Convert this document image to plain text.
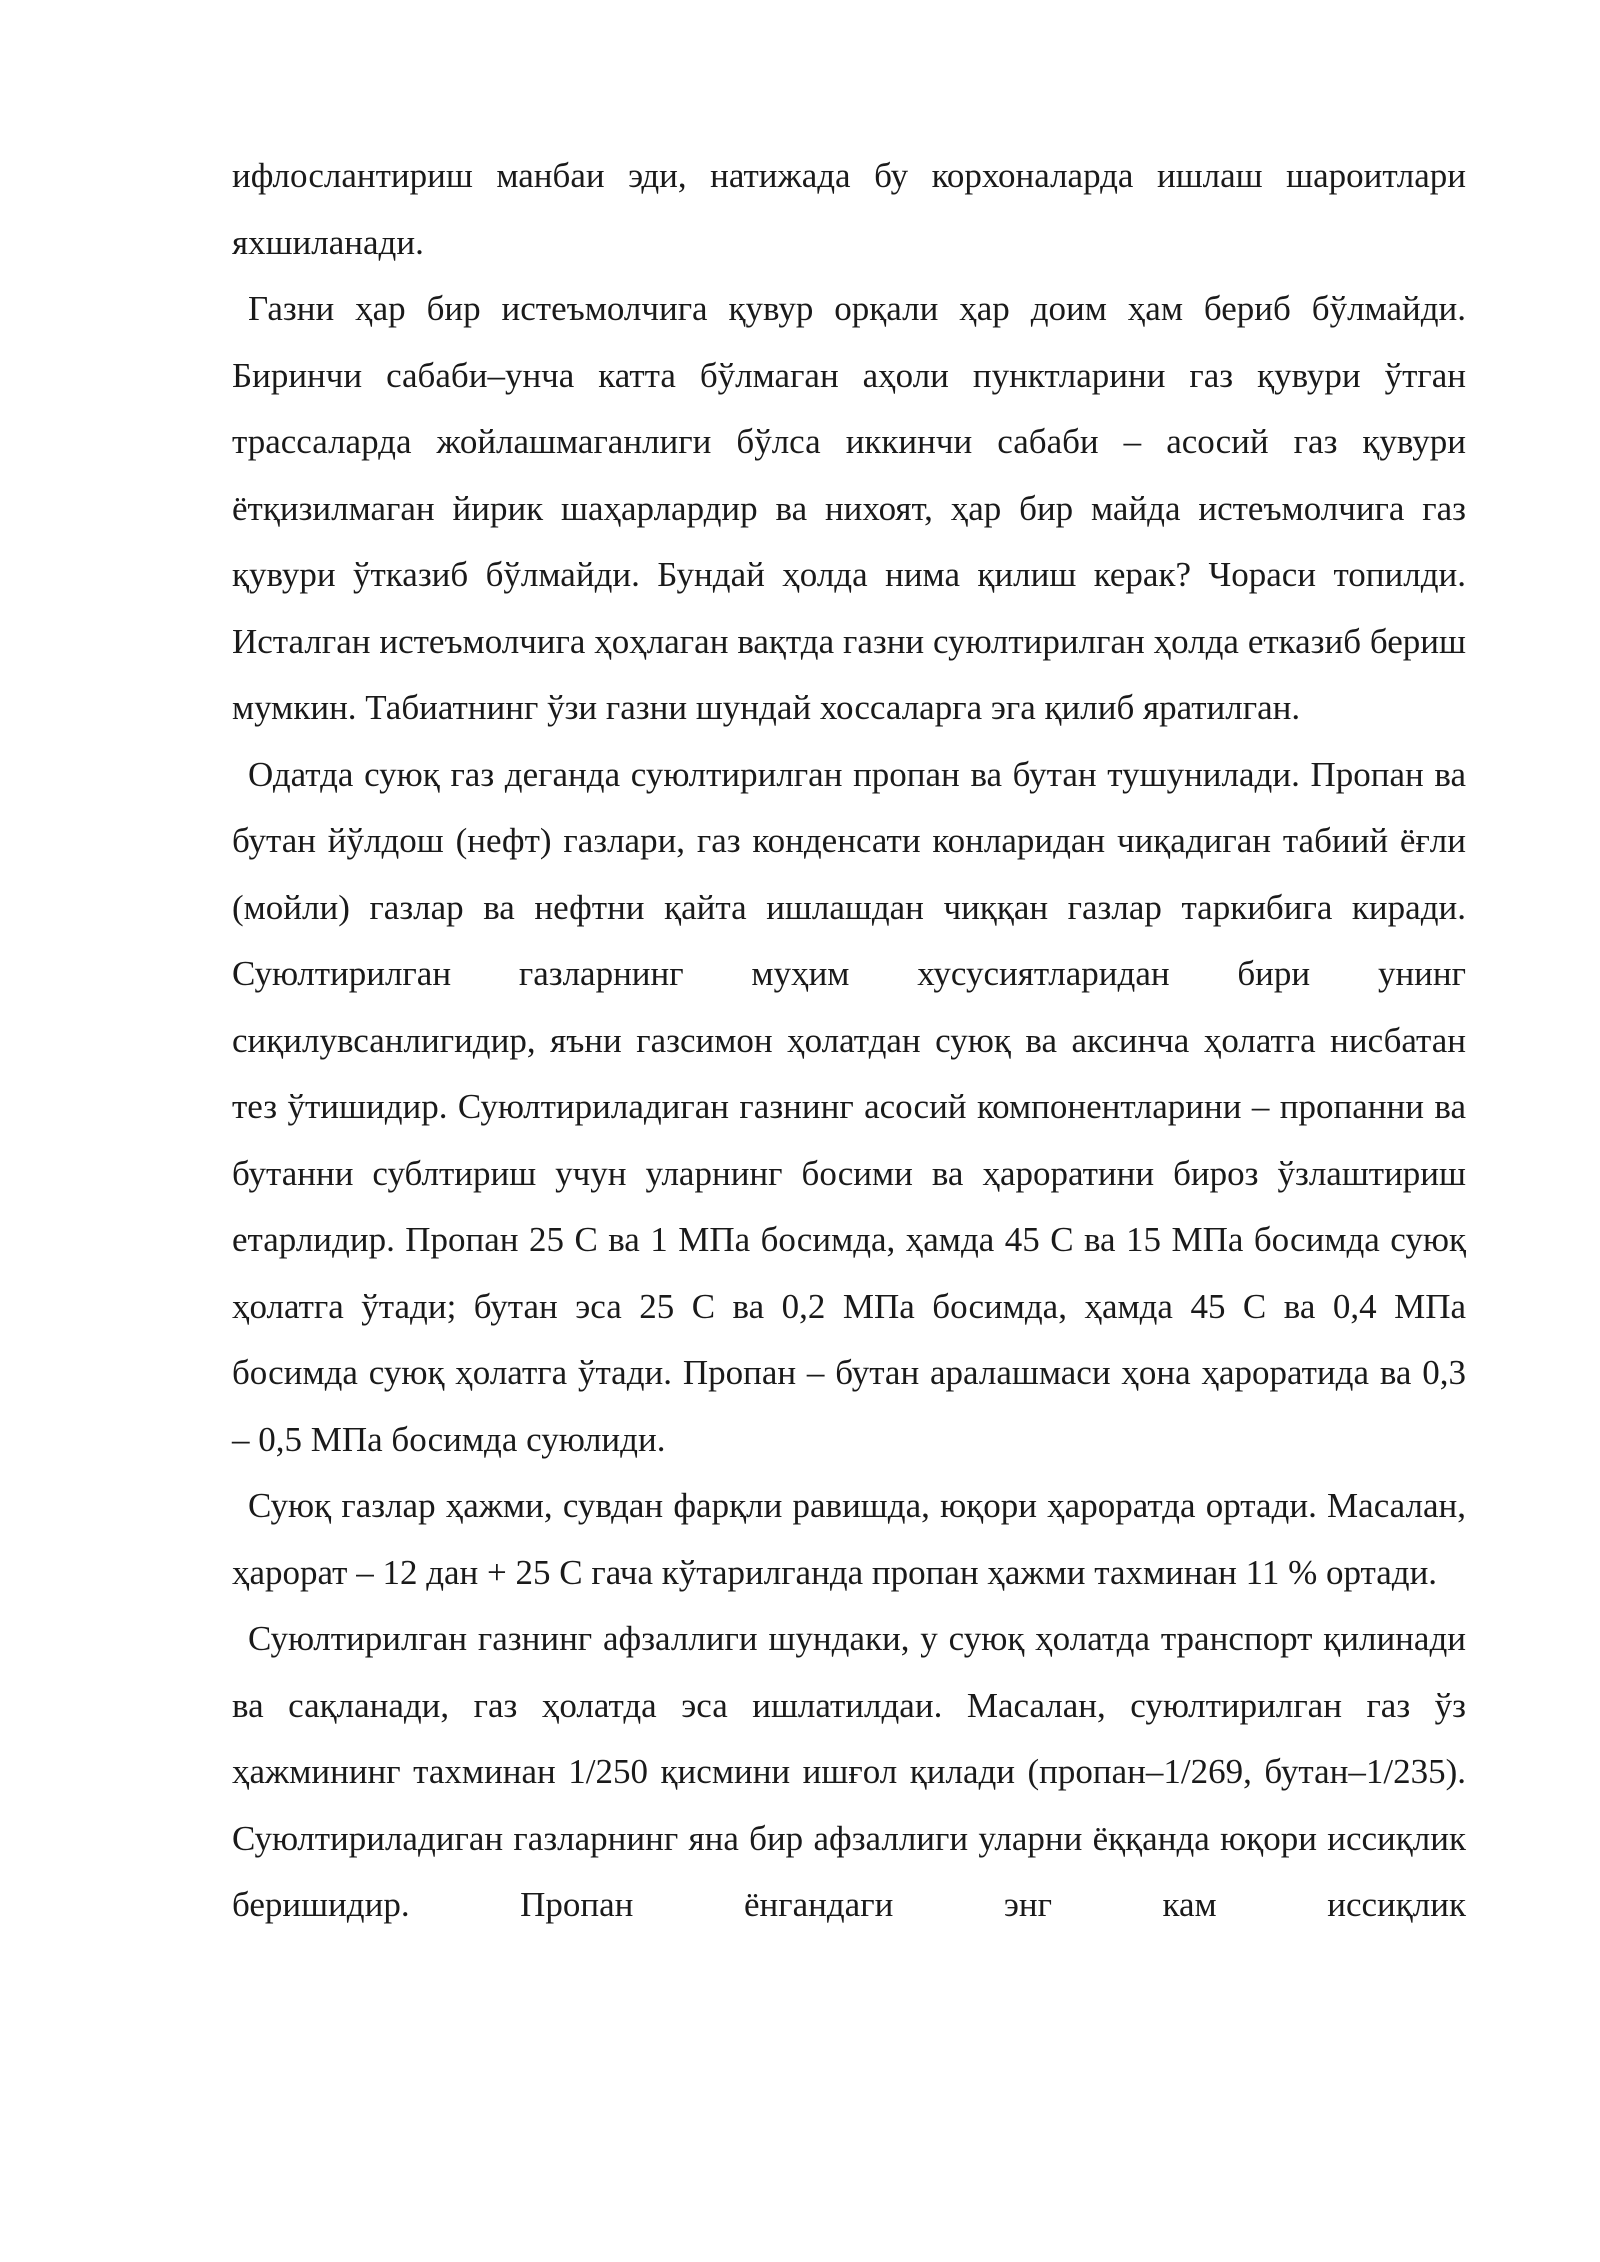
ифлослантириш манбаи эди, натижада бу корхоналарда ишлаш шароитлари яхшиланади.

Газни ҳар бир истеъмолчига қувур орқали ҳар доим ҳам бериб бўлмайди. Биринчи сабаби–унча катта бўлмаган аҳоли пунктларини газ қувури ўтган трассаларда жойлашмаганлиги бўлса иккинчи сабаби – асосий газ қувури ётқизилмаган йирик шаҳарлардир ва нихоят, ҳар бир майда истеъмолчига газ қувури ўтказиб бўлмайди. Бундай ҳолда нима қилиш керак? Чораси топилди. Исталган истеъмолчига ҳоҳлаган вақтда газни суюлтирилган ҳолда етказиб бериш мумкин. Табиатнинг ўзи газни шундай хоссаларга эга қилиб яратилган.

Одатда суюқ газ деганда суюлтирилган пропан ва бутан тушунилади. Пропан ва бутан йўлдош (нефт) газлари, газ конденсати конларидан чиқадиган табиий ёғли (мойли) газлар ва нефтни қайта ишлашдан чиққан газлар таркибига киради. Суюлтирилган газларнинг муҳим хусусиятларидан бири унинг сиқилувсанлигидир, яъни газсимон ҳолатдан суюқ ва аксинча ҳолатга нисбатан тез ўтишидир. Суюлтириладиган газнинг асосий компонентларини – пропанни ва бутанни сублтириш учун уларнинг босими ва ҳароратини бироз ўзлаштириш етарлидир. Пропан 25 С ва 1 МПа босимда, ҳамда 45 С ва 15 МПа босимда суюқ ҳолатга ўтади; бутан эса 25 С ва 0,2 МПа босимда, ҳамда 45 С ва 0,4 МПа босимда суюқ ҳолатга ўтади. Пропан – бутан аралашмаси ҳона ҳароратида ва 0,3 – 0,5 МПа босимда суюлиди.

Суюқ газлар ҳажми, сувдан фарқли равишда, юқори ҳароратда ортади. Масалан, ҳарорат – 12 дан + 25 С гача кўтарилганда пропан ҳажми тахминан 11 % ортади.

Суюлтирилган газнинг афзаллиги шундаки, у суюқ ҳолатда транспорт қилинади ва сақланади, газ ҳолатда эса ишлатилдаи. Масалан, суюлтирилган газ ўз ҳажмининг тахминан 1/250 қисмини ишғол қилади (пропан–1/269, бутан–1/235). Суюлтириладиган газларнинг яна бир афзаллиги уларни ёққанда юқори иссиқлик беришидир. Пропан ёнгандаги энг кам иссиқлик
